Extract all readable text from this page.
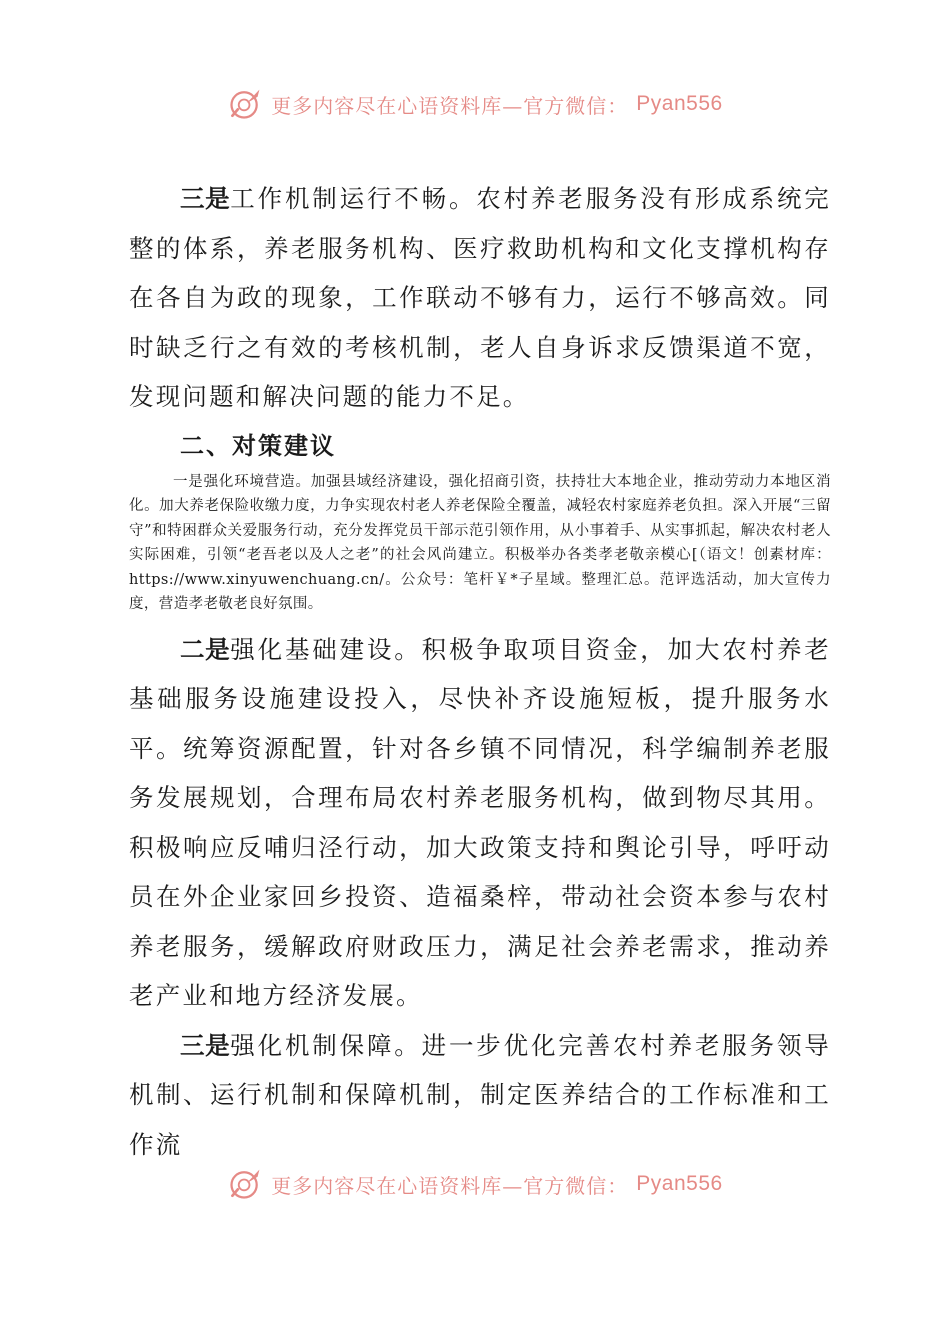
更多内容尽在心语资料库—官方微信： Pyan556

三是工作机制运行不畅。农村养老服务没有形成系统完整的体系，养老服务机构、医疗救助机构和文化支撑机构存在各自为政的现象，工作联动不够有力，运行不够高效。同时缺乏行之有效的考核机制，老人自身诉求反馈渠道不宽，发现问题和解决问题的能力不足。

二、对策建议

一是强化环境营造。加强县域经济建设，强化招商引资，扶持壮大本地企业，推动劳动力本地区消化。加大养老保险收缴力度，力争实现农村老人养老保险全覆盖，减轻农村家庭养老负担。深入开展“三留守”和特困群众关爱服务行动，充分发挥党员干部示范引领作用，从小事着手、从实事抓起，解决农村老人实际困难，引领“老吾老以及人之老”的社会风尚建立。积极举办各类孝老敬亲模心[（语文！创素材库：https://www.xinyuwenchuang.cn/。公众号：笔杆￥*子星域。整理汇总。范评选活动，加大宣传力度，营造孝老敬老良好氛围。

二是强化基础建设。积极争取项目资金，加大农村养老基础服务设施建设投入，尽快补齐设施短板，提升服务水平。统筹资源配置，针对各乡镇不同情况，科学编制养老服务发展规划，合理布局农村养老服务机构，做到物尽其用。积极响应反哺归泾行动，加大政策支持和舆论引导，呼吁动员在外企业家回乡投资、造福桑梓，带动社会资本参与农村养老服务，缓解政府财政压力，满足社会养老需求，推动养老产业和地方经济发展。

三是强化机制保障。进一步优化完善农村养老服务领导机制、运行机制和保障机制，制定医养结合的工作标准和工作流

更多内容尽在心语资料库—官方微信： Pyan556
